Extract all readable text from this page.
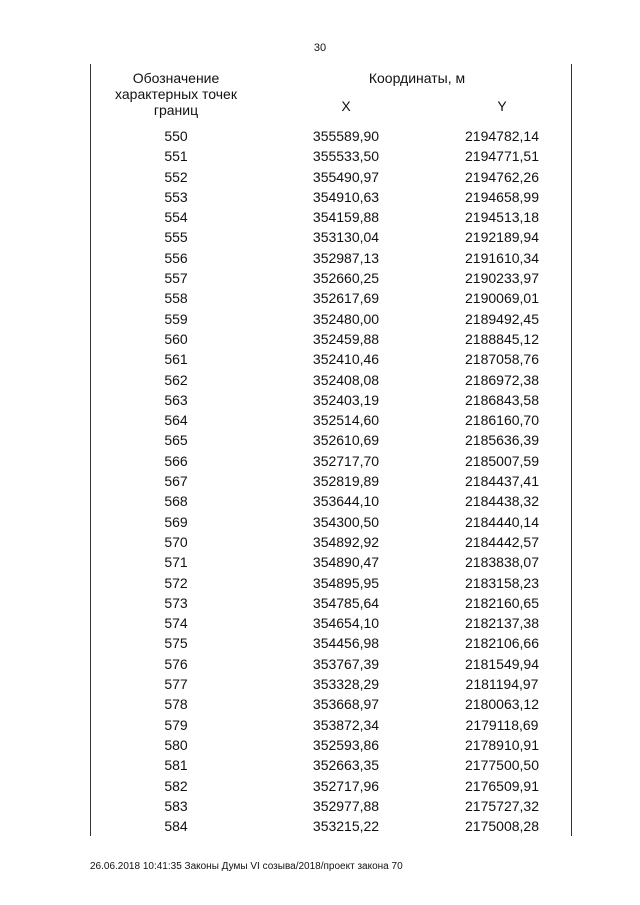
30
Обозначение характерных точек границ
Координаты, м
X	Y
550	355589,90	2194782,14
551	355533,50	2194771,51
552	355490,97	2194762,26
553	354910,63	2194658,99
554	354159,88	2194513,18
555	353130,04	2192189,94
556	352987,13	2191610,34
557	352660,25	2190233,97
558	352617,69	2190069,01
559	352480,00	2189492,45
560	352459,88	2188845,12
561	352410,46	2187058,76
562	352408,08	2186972,38
563	352403,19	2186843,58
564	352514,60	2186160,70
565	352610,69	2185636,39
566	352717,70	2185007,59
567	352819,89	2184437,41
568	353644,10	2184438,32
569	354300,50	2184440,14
570	354892,92	2184442,57
571	354890,47	2183838,07
572	354895,95	2183158,23
573	354785,64	2182160,65
574	354654,10	2182137,38
575	354456,98	2182106,66
576	353767,39	2181549,94
577	353328,29	2181194,97
578	353668,97	2180063,12
579	353872,34	2179118,69
580	352593,86	2178910,91
581	352663,35	2177500,50
582	352717,96	2176509,91
583	352977,88	2175727,32
584	353215,22	2175008,28
26.06.2018 10:41:35 Законы Думы VI созыва/2018/проект закона 70
